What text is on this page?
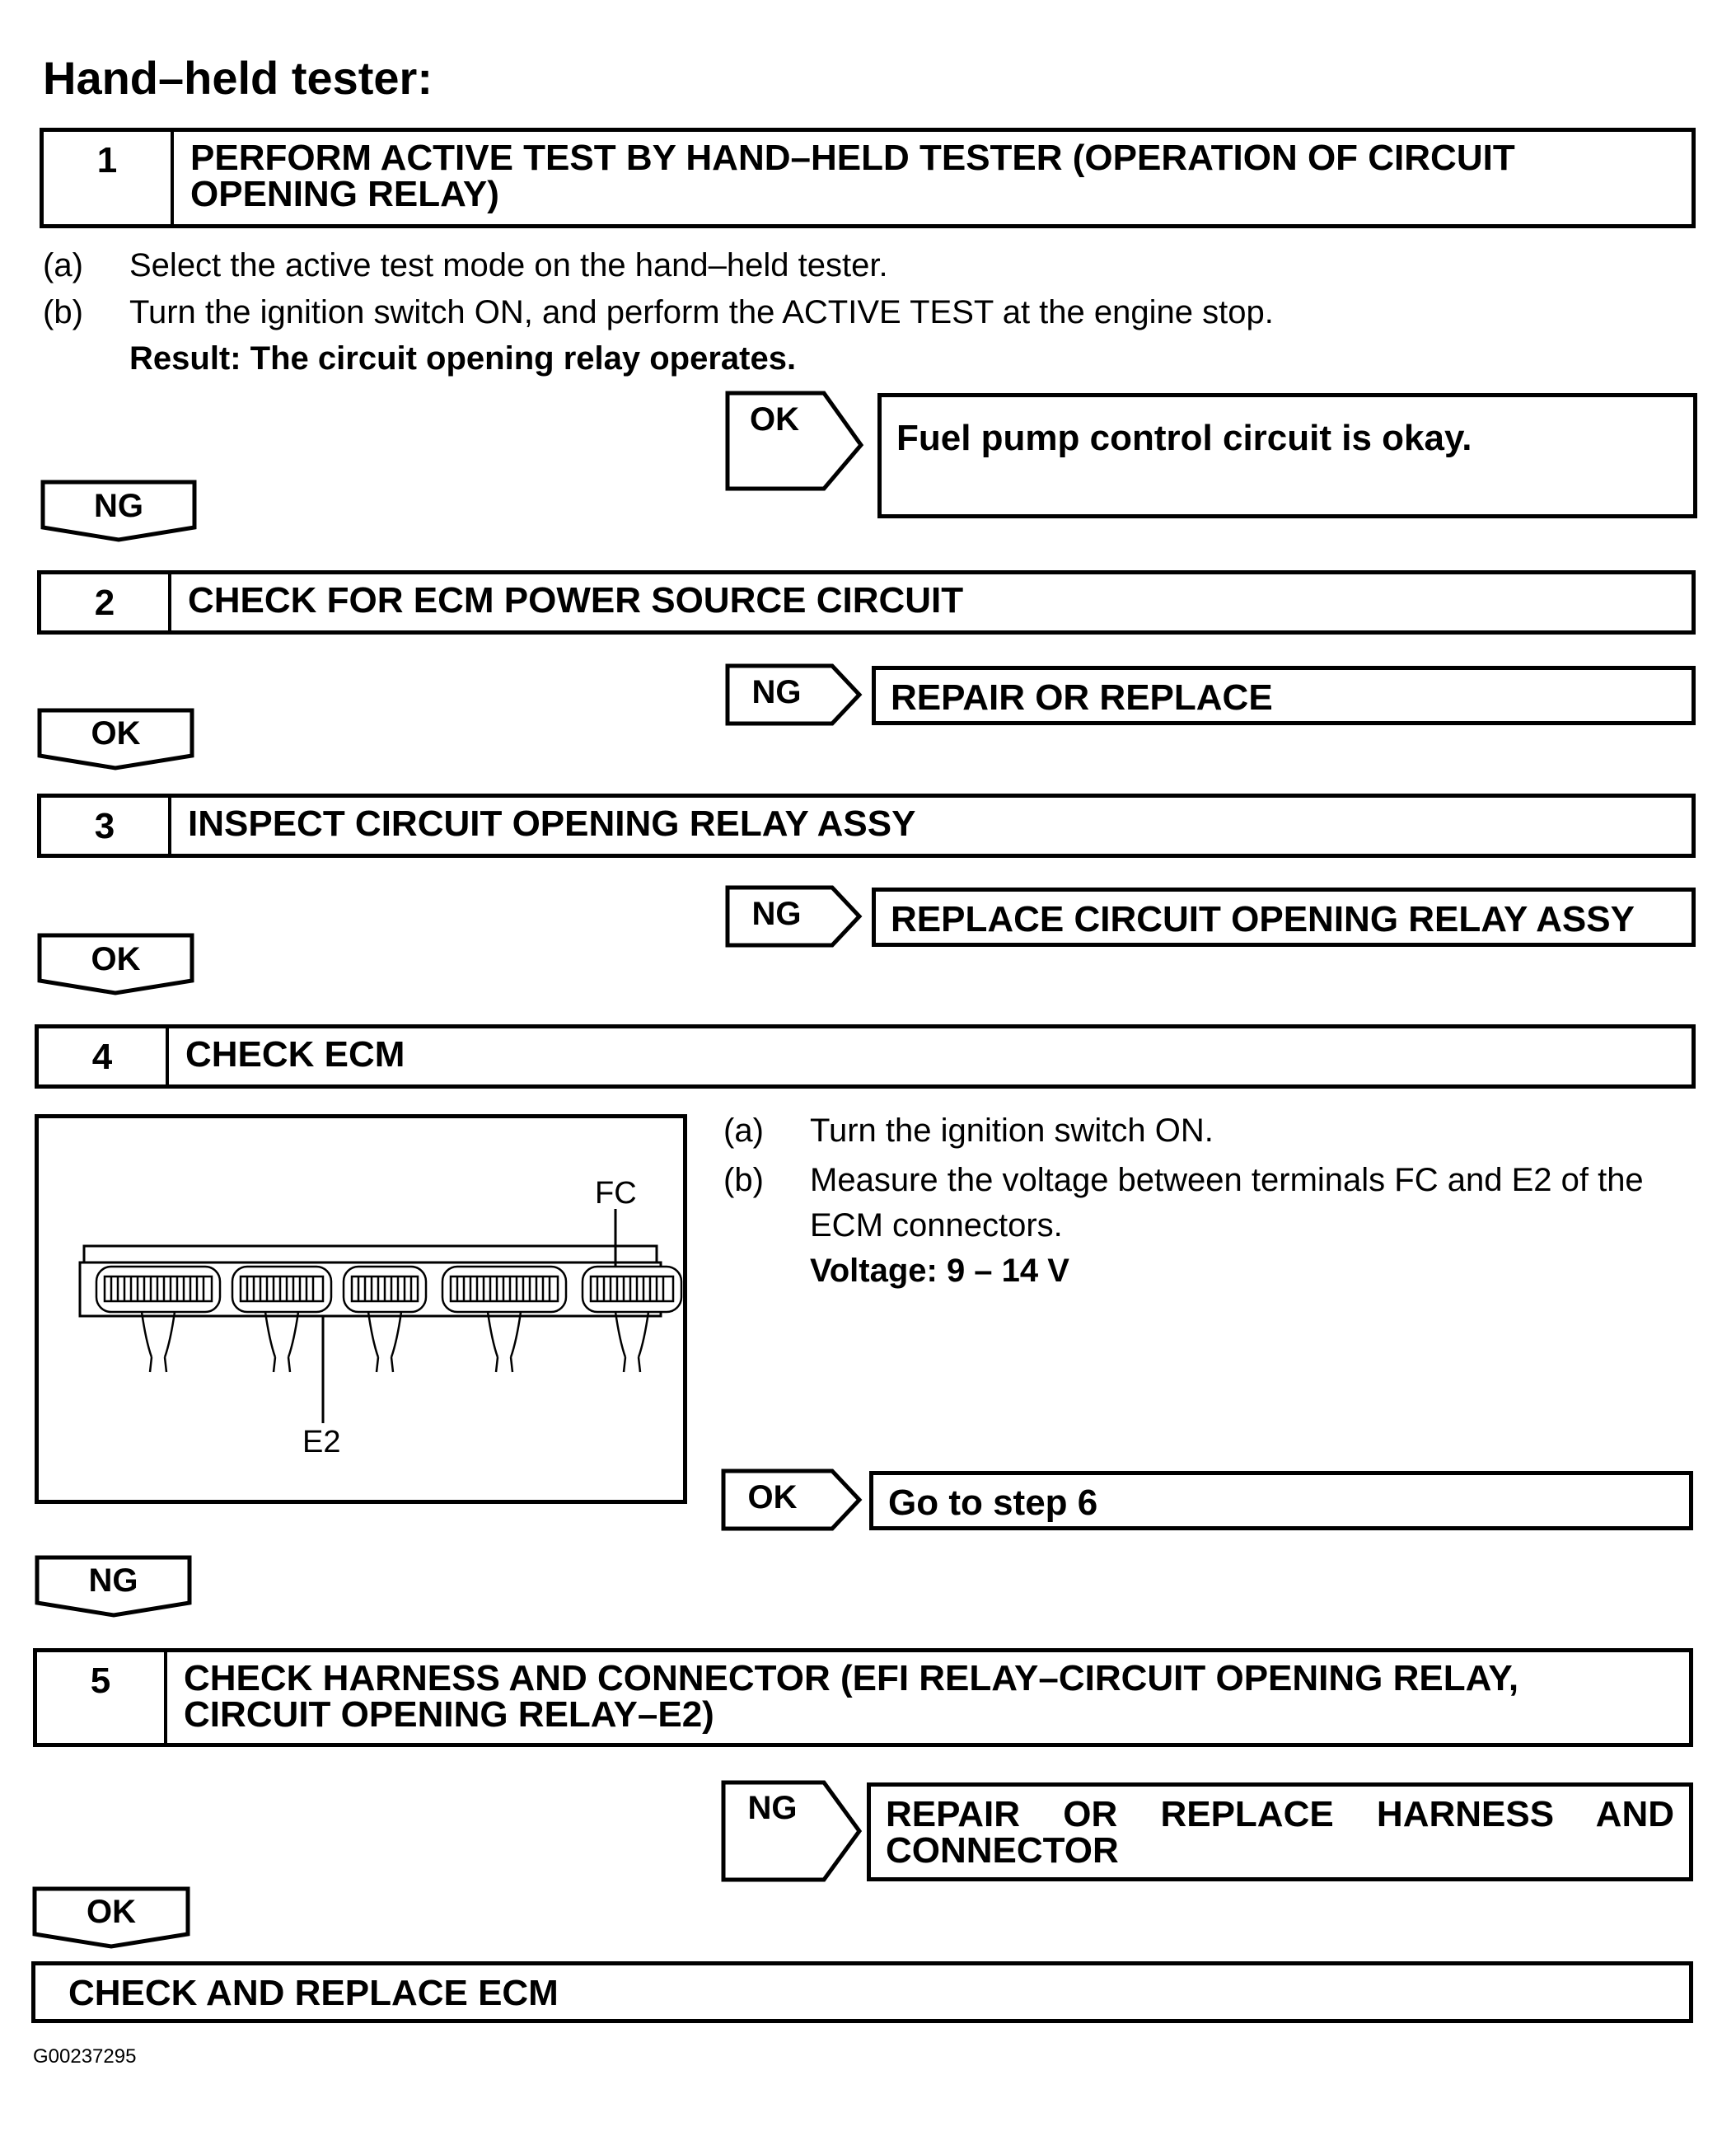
Hand–held tester:
1	PERFORM ACTIVE TEST BY HAND–HELD TESTER (OPERATION OF CIRCUIT OPENING RELAY)
(a) Select the active test mode on the hand–held tester.
(b) Turn the ignition switch ON, and perform the ACTIVE TEST at the engine stop.
Result: The circuit opening relay operates.
OK	Fuel pump control circuit is okay.
NG
2	CHECK FOR ECM POWER SOURCE CIRCUIT
NG	REPAIR OR REPLACE
OK
3	INSPECT CIRCUIT OPENING RELAY ASSY
NG	REPLACE CIRCUIT OPENING RELAY ASSY
OK
4	CHECK ECM
FC
E2
(a) Turn the ignition switch ON.
(b) Measure the voltage between terminals FC and E2 of the
ECM connectors.
Voltage: 9 – 14 V
OK	Go to step 6
NG
5	CHECK HARNESS AND CONNECTOR (EFI RELAY–CIRCUIT OPENING RELAY, CIRCUIT OPENING RELAY–E2)
NG	REPAIR OR REPLACE HARNESS AND CONNECTOR
OK
CHECK AND REPLACE ECM
G00237295
